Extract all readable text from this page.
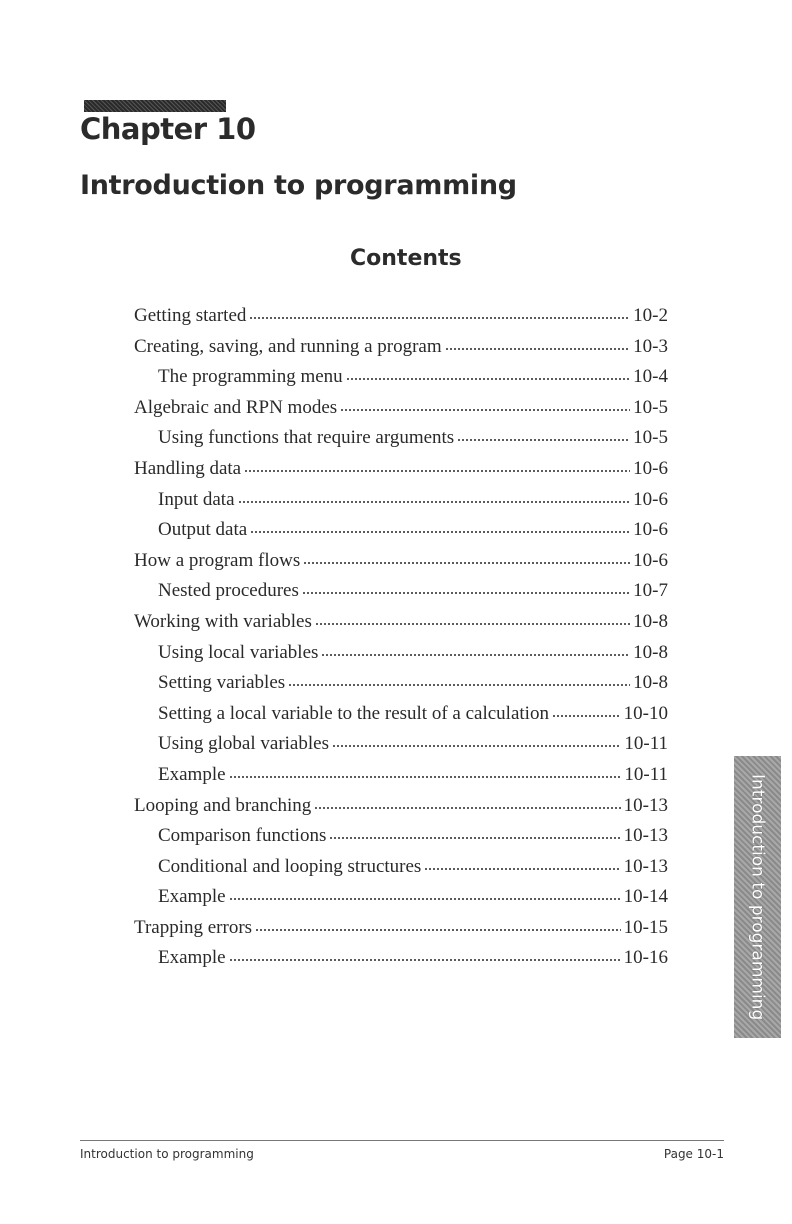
Chapter 10
Introduction to programming
Contents
Getting started	10-2
Creating, saving, and running a program	10-3
The programming menu	10-4
Algebraic and RPN modes	10-5
Using functions that require arguments	10-5
Handling data	10-6
Input data	10-6
Output data	10-6
How a program flows	10-6
Nested procedures	10-7
Working with variables	10-8
Using local variables	10-8
Setting variables	10-8
Setting a local variable to the result of a calculation	10-10
Using global variables	10-11
Example	10-11
Looping and branching	10-13
Comparison functions	10-13
Conditional and looping structures	10-13
Example	10-14
Trapping errors	10-15
Example	10-16	Introduction to programming
Introduction to programming	Page 10-1
